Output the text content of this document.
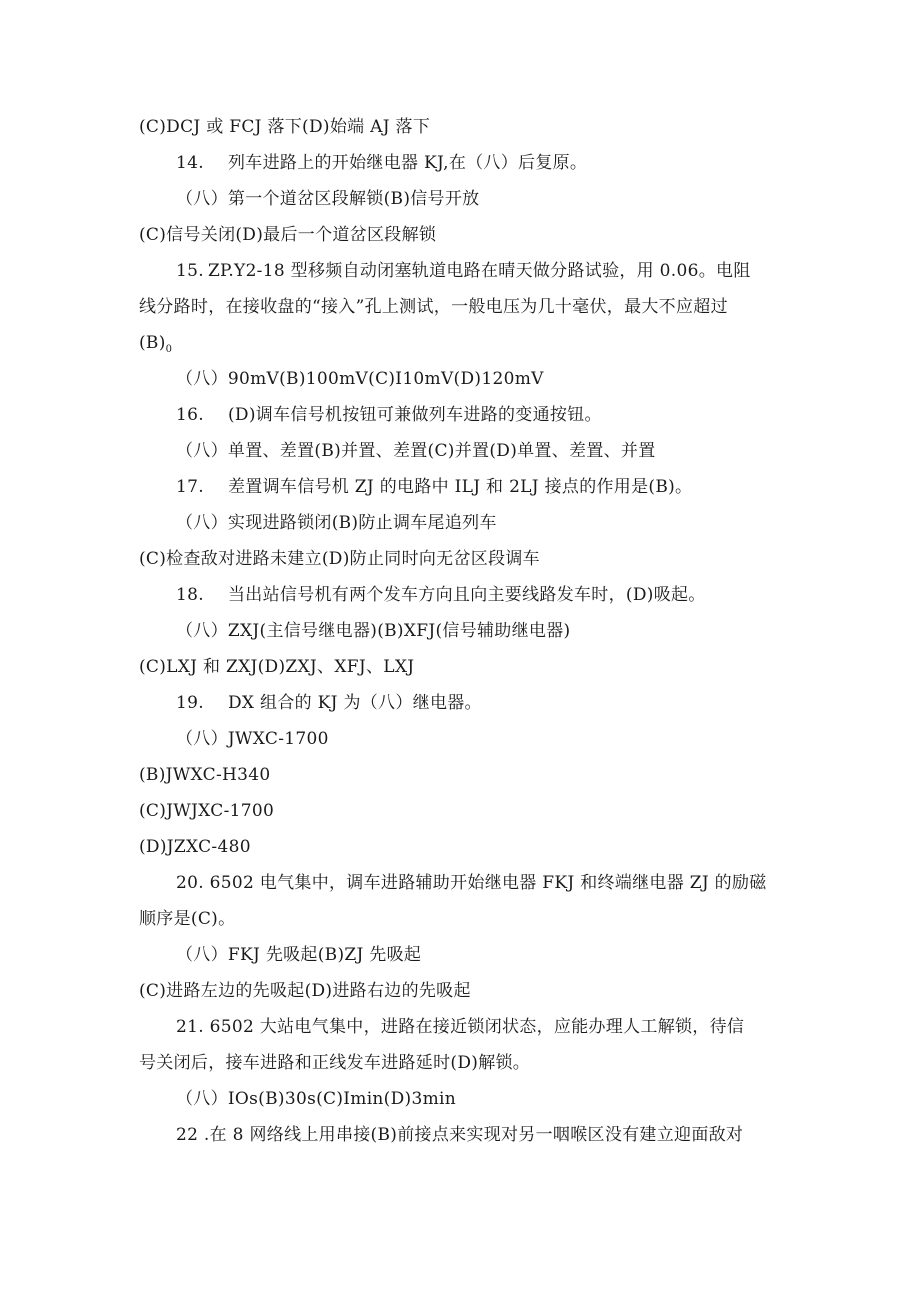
(C)DCJ 或 FCJ 落下(D)始端 AJ 落下
14. 列车进路上的开始继电器 KJ,在（八）后复原。
（八）第一个道岔区段解锁(B)信号开放
(C)信号关闭(D)最后一个道岔区段解锁
15. ZP.Y2-18 型移频自动闭塞轨道电路在晴天做分路试验，用 0.06。电阻
线分路时，在接收盘的“接入”孔上测试，一般电压为几十毫伏，最大不应超过
$(B)_0$
（八）90mV(B)100mV(C)I10mV(D)120mV
16. (D)调车信号机按钮可兼做列车进路的变通按钮。
（八）单置、差置(B)并置、差置(C)并置(D)单置、差置、并置
17. 差置调车信号机 ZJ 的电路中 ILJ 和 2LJ 接点的作用是(B)。
（八）实现进路锁闭(B)防止调车尾追列车
(C)检查敌对进路未建立(D)防止同时向无岔区段调车
18. 当出站信号机有两个发车方向且向主要线路发车时，(D)吸起。
（八）ZXJ(主信号继电器)(B)XFJ(信号辅助继电器)
(C)LXJ 和 ZXJ(D)ZXJ、XFJ、LXJ
19. DX 组合的 KJ 为（八）继电器。
（八）JWXC-1700
(B)JWXC-H340
(C)JWJXC-1700
(D)JZXC-480
20. 6502 电气集中，调车进路辅助开始继电器 FKJ 和终端继电器 ZJ 的励磁
顺序是(C)。
（八）FKJ 先吸起(B)ZJ 先吸起
(C)进路左边的先吸起(D)进路右边的先吸起
21. 6502 大站电气集中，进路在接近锁闭状态，应能办理人工解锁，待信
号关闭后，接车进路和正线发车进路延时(D)解锁。
（八）IOs(B)30s(C)Imin(D)3min
22 .在 8 网络线上用串接(B)前接点来实现对另一咽喉区没有建立迎面敌对
